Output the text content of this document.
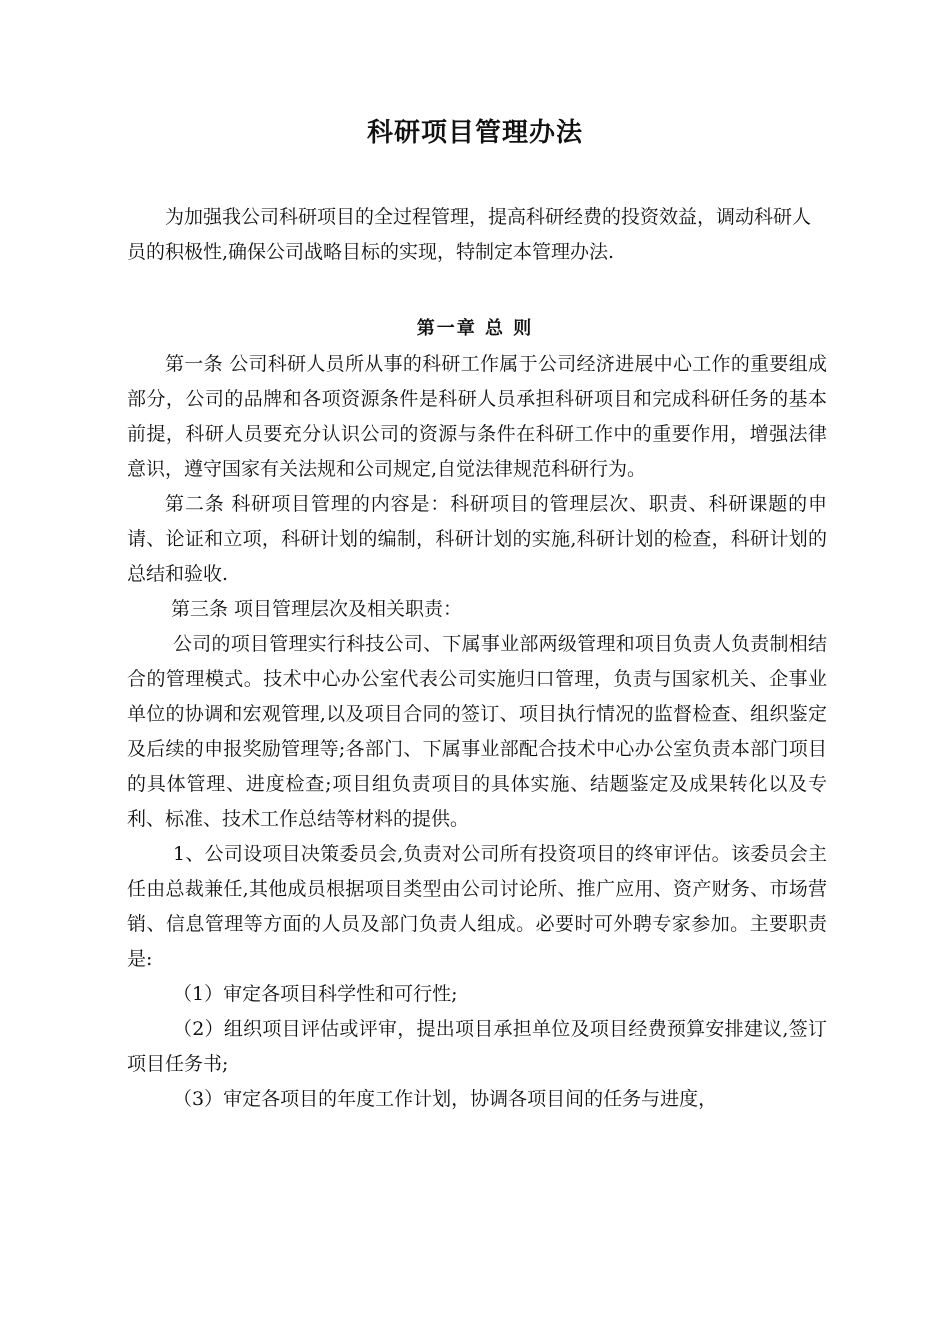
科研项目管理办法

为加强我公司科研项目的全过程管理，提高科研经费的投资效益，调动科研人员的积极性,确保公司战略目标的实现，特制定本管理办法.

第一章 总 则

第一条 公司科研人员所从事的科研工作属于公司经济进展中心工作的重要组成部分，公司的品牌和各项资源条件是科研人员承担科研项目和完成科研任务的基本前提，科研人员要充分认识公司的资源与条件在科研工作中的重要作用，增强法律意识，遵守国家有关法规和公司规定,自觉法律规范科研行为。

第二条 科研项目管理的内容是：科研项目的管理层次、职责、科研课题的申请、论证和立项，科研计划的编制，科研计划的实施,科研计划的检查，科研计划的总结和验收.

第三条 项目管理层次及相关职责：

公司的项目管理实行科技公司、下属事业部两级管理和项目负责人负责制相结合的管理模式。技术中心办公室代表公司实施归口管理，负责与国家机关、企事业单位的协调和宏观管理,以及项目合同的签订、项目执行情况的监督检查、组织鉴定及后续的申报奖励管理等;各部门、下属事业部配合技术中心办公室负责本部门项目的具体管理、进度检查;项目组负责项目的具体实施、结题鉴定及成果转化以及专利、标准、技术工作总结等材料的提供。

1、公司设项目决策委员会,负责对公司所有投资项目的终审评估。该委员会主任由总裁兼任,其他成员根据项目类型由公司讨论所、推广应用、资产财务、市场营销、信息管理等方面的人员及部门负责人组成。必要时可外聘专家参加。主要职责是:

（1）审定各项目科学性和可行性;

（2）组织项目评估或评审，提出项目承担单位及项目经费预算安排建议,签订项目任务书;

（3）审定各项目的年度工作计划，协调各项目间的任务与进度，
